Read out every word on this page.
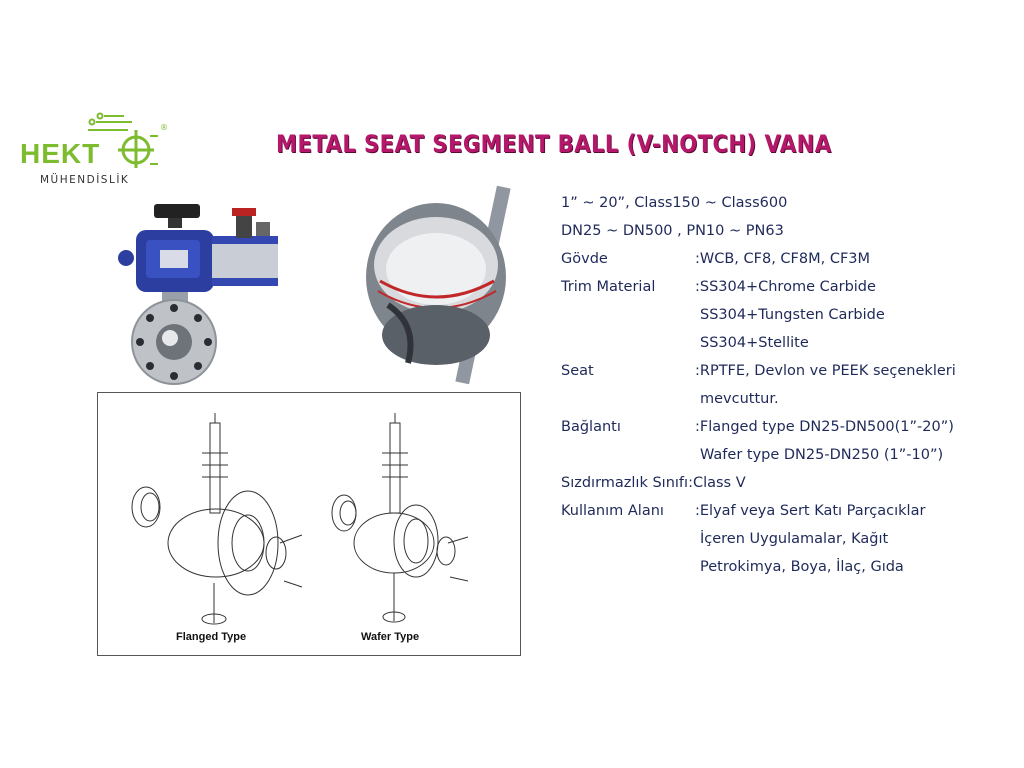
®
HEKT
MÜHENDİSLİK
METAL SEAT SEGMENT BALL (V-NOTCH) VANA
Flanged Type	Wafer Type
1” ~ 20”, Class150 ~ Class600
DN25 ~ DN500 , PN10 ~ PN63
Gövde	:WCB, CF8, CF8M, CF3M
Trim Material	:SS304+Chrome Carbide
SS304+Tungsten Carbide
SS304+Stellite
Seat	:RPTFE, Devlon ve PEEK seçenekleri
mevcuttur.
Bağlantı	:Flanged type DN25-DN500(1”-20”)
Wafer type DN25-DN250 (1”-10”)
Sızdırmazlık Sınıfı:Class V
Kullanım Alanı :Elyaf veya Sert Katı Parçacıklar
İçeren Uygulamalar, Kağıt
Petrokimya, Boya, İlaç, Gıda
